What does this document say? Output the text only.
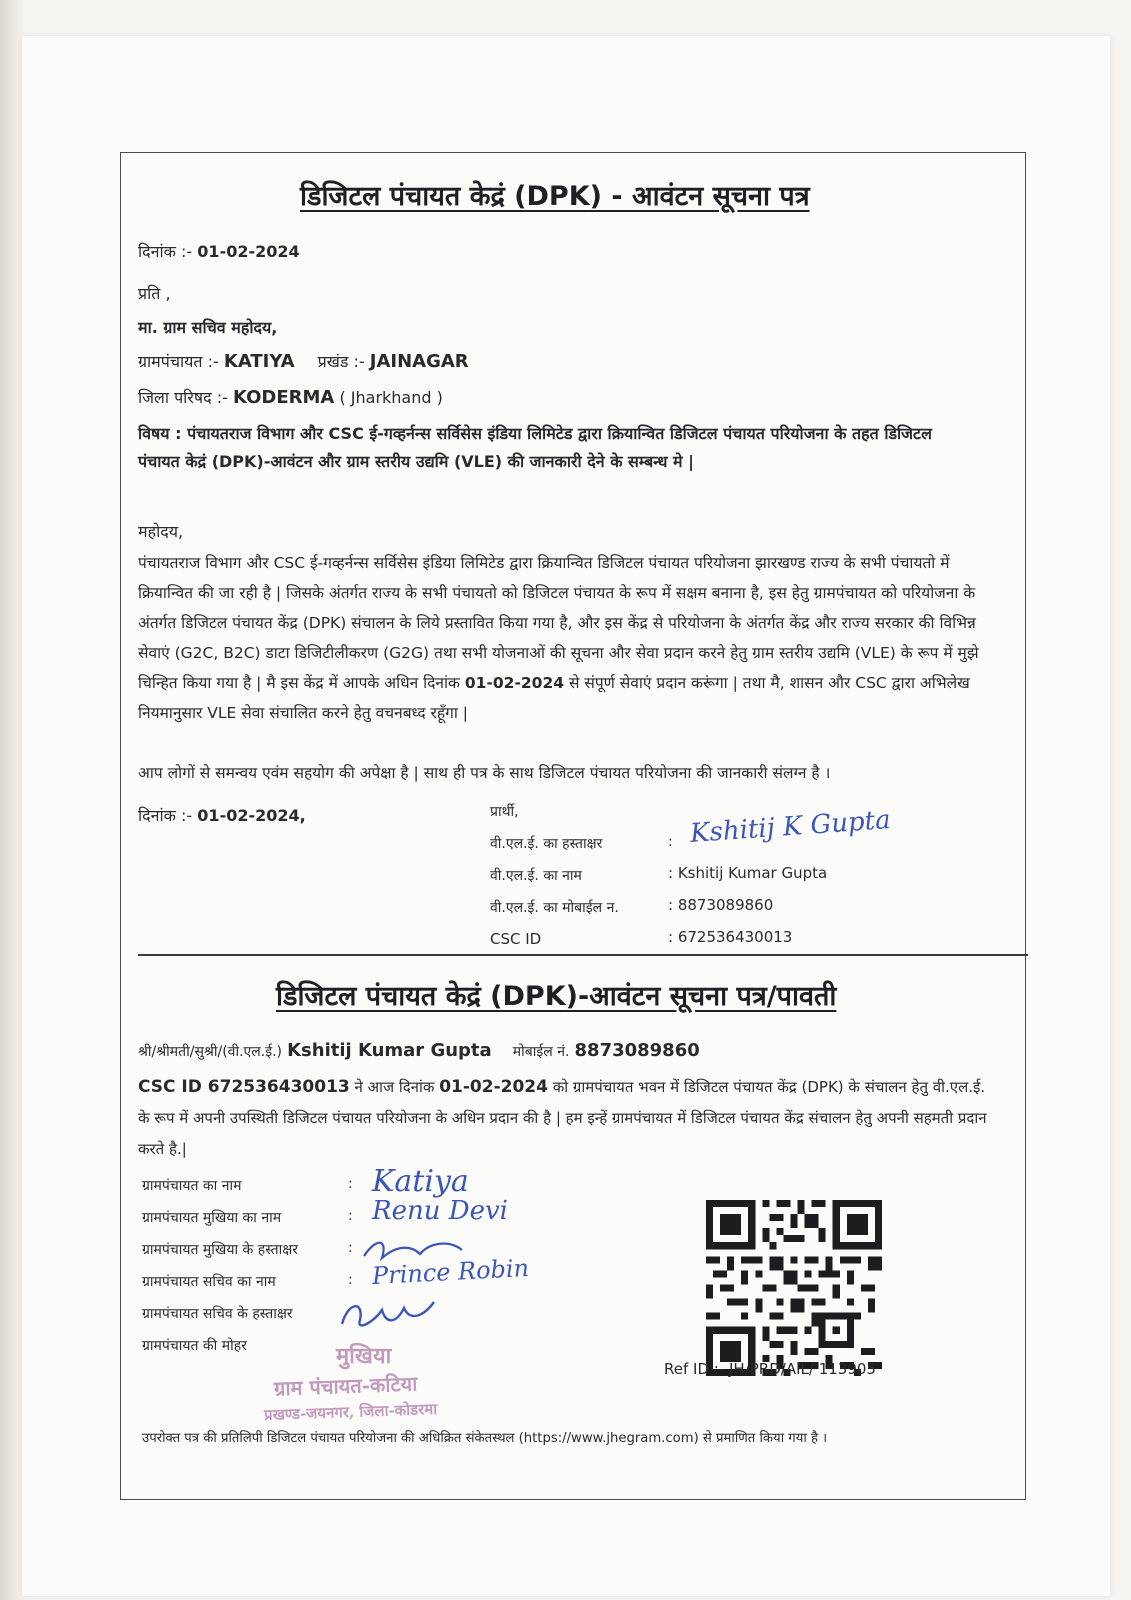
डिजिटल पंचायत केद्रं (DPK) - आवंटन सूचना पत्र
दिनांक :- 01-02-2024
प्रति ,
मा. ग्राम सचिव महोदय,
ग्रामपंचायत :- KATIYA प्रखंड :- JAINAGAR
जिला परिषद :- KODERMA ( Jharkhand )
विषय : पंचायतराज विभाग और CSC ई-गव्हर्नन्स सर्विसेस इंडिया लिमिटेड द्वारा क्रियान्वित डिजिटल पंचायत परियोजना के तहत डिजिटल पंचायत केद्रं (DPK)-आवंटन और ग्राम स्तरीय उद्यमि (VLE) की जानकारी देने के सम्बन्ध मे |
महोदय,
पंचायतराज विभाग और CSC ई-गव्हर्नन्स सर्विसेस इंडिया लिमिटेड द्वारा क्रियान्वित डिजिटल पंचायत परियोजना झारखण्ड राज्य के सभी पंचायतो में क्रियान्वित की जा रही है | जिसके अंतर्गत राज्य के सभी पंचायतो को डिजिटल पंचायत के रूप में सक्षम बनाना है, इस हेतु ग्रामपंचायत को परियोजना के अंतर्गत डिजिटल पंचायत केंद्र (DPK) संचालन के लिये प्रस्तावित किया गया है, और इस केंद्र से परियोजना के अंतर्गत केंद्र और राज्य सरकार की विभिन्न सेवाएं (G2C, B2C) डाटा डिजिटीलीकरण (G2G) तथा सभी योजनाओं की सूचना और सेवा प्रदान करने हेतु ग्राम स्तरीय उद्यमि (VLE) के रूप में मुझे चिन्हित किया गया है | मै इस केंद्र में आपके अधिन दिनांक 01-02-2024 से संपूर्ण सेवाएं प्रदान करूंगा | तथा मै, शासन और CSC द्वारा अभिलेख नियमानुसार VLE सेवा संचालित करने हेतु वचनबध्द रहूँगा |
आप लोगों से समन्वय एवंम सहयोग की अपेक्षा है | साथ ही पत्र के साथ डिजिटल पंचायत परियोजना की जानकारी संलग्न है ।
दिनांक :- 01-02-2024,	प्रार्थी,
वी.एल.ई. का हस्ताक्षर	: Kshitij K Gupta
वी.एल.ई. का नाम	: Kshitij Kumar Gupta
वी.एल.ई. का मोबाईल न.	: 8873089860
CSC ID	: 672536430013
डिजिटल पंचायत केद्रं (DPK)-आवंटन सूचना पत्र/पावती
श्री/श्रीमती/सुश्री/(वी.एल.ई.) Kshitij Kumar Gupta मोबाईल नं. 8873089860
CSC ID 672536430013 ने आज दिनांक 01-02-2024 को ग्रामपंचायत भवन में डिजिटल पंचायत केंद्र (DPK) के संचालन हेतु वी.एल.ई. के रूप में अपनी उपस्थिती डिजिटल पंचायत परियोजना के अधिन प्रदान की है | हम इन्हें ग्रामपंचायत में डिजिटल पंचायत केंद्र संचालन हेतु अपनी सहमती प्रदान करते है.|
ग्रामपंचायत का नाम	: Katiya
ग्रामपंचायत मुखिया का नाम	: Renu Devi
ग्रामपंचायत मुखिया के हस्ताक्षर	:
ग्रामपंचायत सचिव का नाम	: Prince Robin
ग्रामपंचायत सचिव के हस्ताक्षर
ग्रामपंचायत की मोहर	मुखिया
ग्राम पंचायत-कटिया
प्रखण्ड-जयनगर, जिला-कोडरमा
Ref ID :- JH/PRD/AIL/ 113905
उपरोक्त पत्र की प्रतिलिपी डिजिटल पंचायत परियोजना की अधिक्रित संकेतस्थल (https://www.jhegram.com) से प्रमाणित किया गया है ।
